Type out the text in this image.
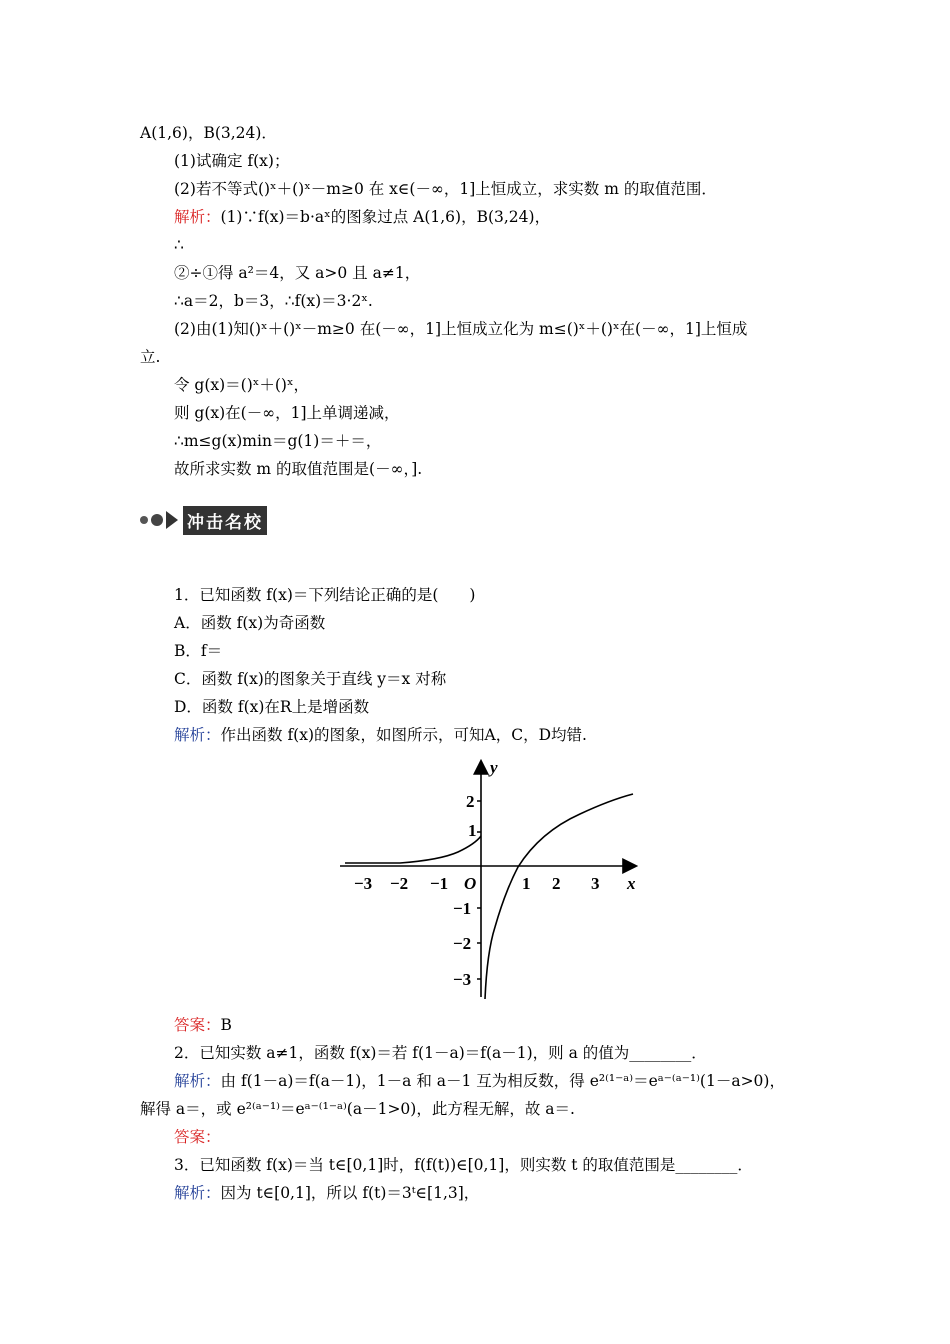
A(1,6)，B(3,24)．
(1)试确定 f(x)；
(2)若不等式()ˣ＋()ˣ－m≥0 在 x∈(－∞，1]上恒成立，求实数 m 的取值范围．
解析：(1)∵f(x)＝b·aˣ的图象过点 A(1,6)，B(3,24)，
∴
②÷①得 a²＝4，又 a>0 且 a≠1，
∴a＝2，b＝3，∴f(x)＝3·2ˣ.
(2)由(1)知()ˣ＋()ˣ－m≥0 在(－∞，1]上恒成立化为 m≤()ˣ＋()ˣ在(－∞，1]上恒成
立.
令 g(x)＝()ˣ＋()ˣ，
则 g(x)在(－∞，1]上单调递减，
∴m≤g(x)min＝g(1)＝＋＝，
故所求实数 m 的取值范围是(－∞，].
冲击名校
1．已知函数 f(x)＝下列结论正确的是(　　)
A．函数 f(x)为奇函数
B．f＝
C．函数 f(x)的图象关于直线 y＝x 对称
D．函数 f(x)在R上是增函数
解析：作出函数 f(x)的图象，如图所示，可知A，C，D均错.
y
x
O
−3 −2 −1	1 2 3
2
1
−1
−2
−3
答案：B
2．已知实数 a≠1，函数 f(x)＝若 f(1－a)＝f(a－1)，则 a 的值为________．
解析：由 f(1－a)＝f(a－1)，1－a 和 a－1 互为相反数，得 e²⁽¹⁻ᵃ⁾＝eᵃ⁻⁽ᵃ⁻¹⁾(1－a>0)，
解得 a＝，或 e²⁽ᵃ⁻¹⁾＝eᵃ⁻⁽¹⁻ᵃ⁾(a－1>0)，此方程无解，故 a＝.
答案：
3．已知函数 f(x)＝当 t∈[0,1]时，f(f(t))∈[0,1]，则实数 t 的取值范围是________．
解析：因为 t∈[0,1]，所以 f(t)＝3ᵗ∈[1,3]，
